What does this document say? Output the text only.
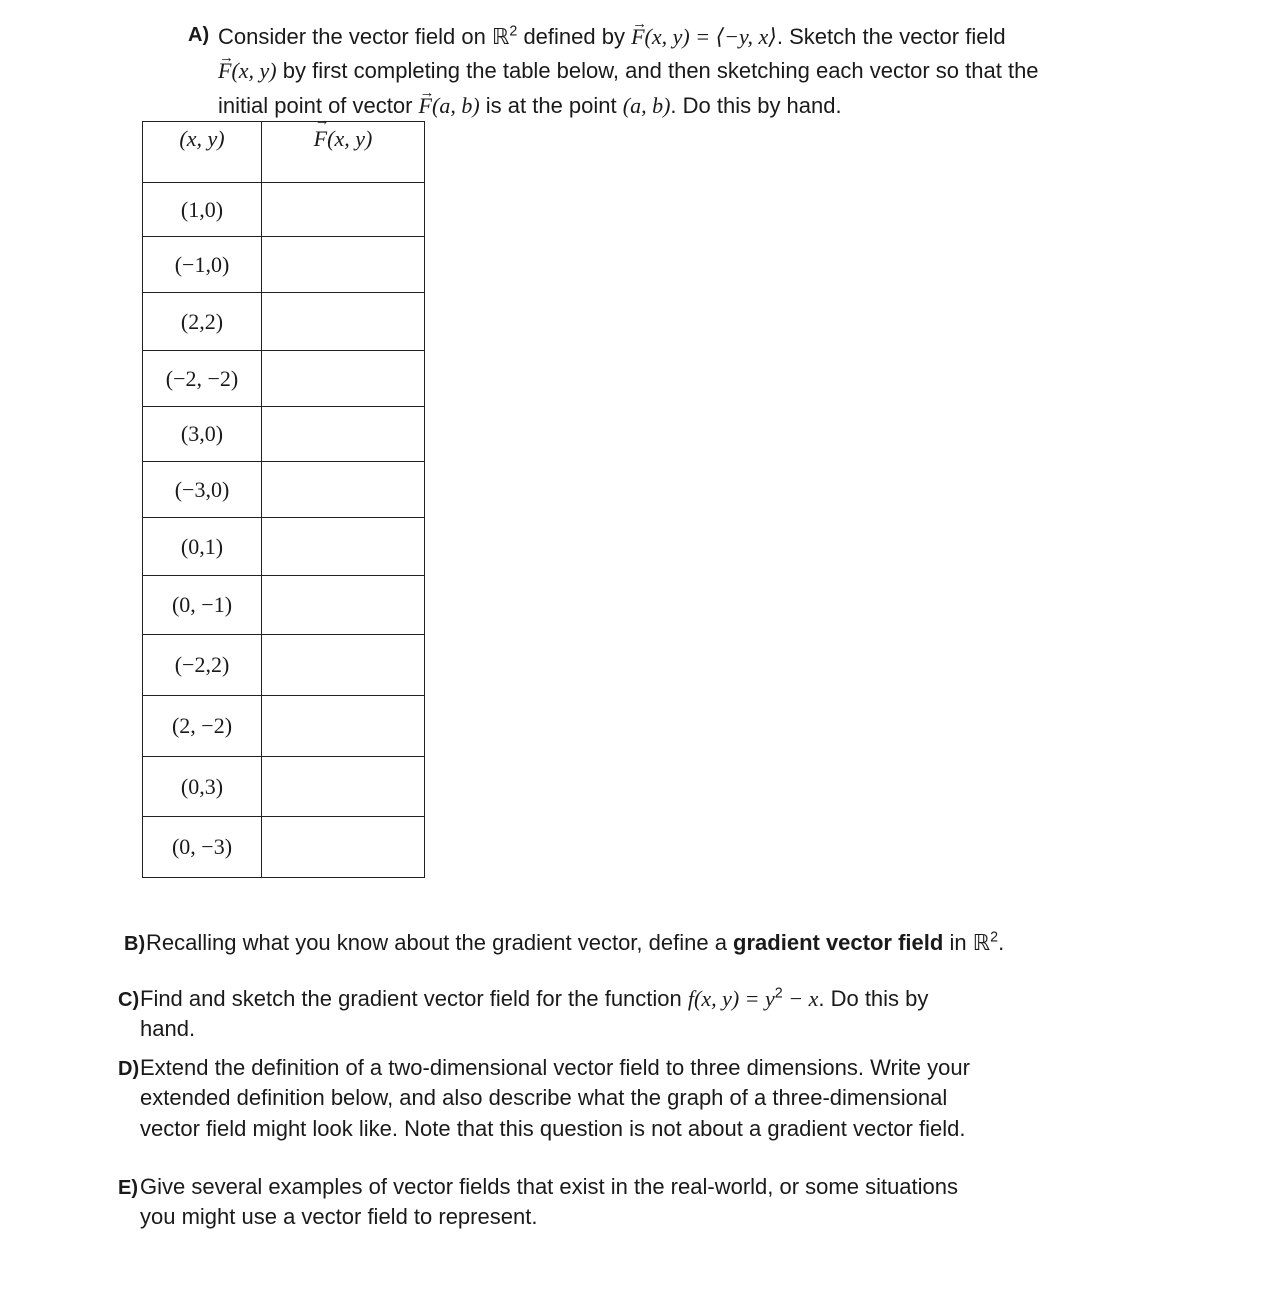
A) Consider the vector field on ℝ$^2$ defined by → F(x, y) = ⟨−y, x⟩. Sketch the vector field
→ F(x, y) by first completing the table below, and then sketching each vector so that the
initial point of vector → F(a, b) is at the point (a, b). Do this by hand.
(x, y)	→ F(x, y)
(1,0)	
(−1,0)	
(2,2)	
(−2, −2)	
(3,0)	
(−3,0)	
(0,1)	
(0, −1)	
(−2,2)	
(2, −2)	
(0,3)	
(0, −3)	
B) Recalling what you know about the gradient vector, define a gradient vector field in ℝ$^2$.
C) Find and sketch the gradient vector field for the function f(x, $y) = y^2 - x$. Do this by
hand.
D) Extend the definition of a two-dimensional vector field to three dimensions. Write your
extended definition below, and also describe what the graph of a three-dimensional
vector field might look like. Note that this question is not about a gradient vector field.
E) Give several examples of vector fields that exist in the real-world, or some situations
you might use a vector field to represent.
